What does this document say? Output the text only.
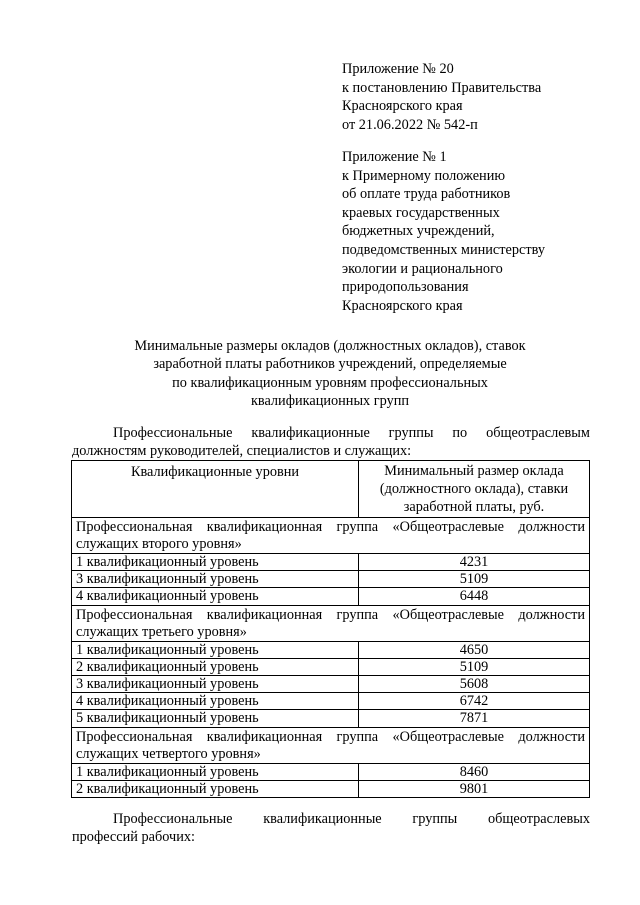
Приложение № 20
к постановлению Правительства
Красноярского края
от 21.06.2022 № 542-п
Приложение № 1
к Примерному положению
об оплате труда работников
краевых государственных
бюджетных учреждений,
подведомственных министерству
экологии и рационального
природопользования
Красноярского края
Минимальные размеры окладов (должностных окладов), ставок
заработной платы работников учреждений, определяемые
по квалификационным уровням профессиональных
квалификационных групп
Профессиональные квалификационные группы по общеотраслевым
должностям руководителей, специалистов и служащих:
Квалификационные уровни	Минимальный размер оклада
(должностного оклада), ставки
заработной платы, руб.

Профессиональная квалификационная группа «Общеотраслевые должности
служащих второго уровня»	

1 квалификационный уровень	4231
3 квалификационный уровень	5109
4 квалификационный уровень	6448

Профессиональная квалификационная группа «Общеотраслевые должности
служащих третьего уровня»	

1 квалификационный уровень	4650
2 квалификационный уровень	5109
3 квалификационный уровень	5608
4 квалификационный уровень	6742
5 квалификационный уровень	7871

Профессиональная квалификационная группа «Общеотраслевые должности
служащих четвертого уровня»	

1 квалификационный уровень	8460
2 квалификационный уровень	9801
Профессиональные квалификационные группы общеотраслевых
профессий рабочих:
